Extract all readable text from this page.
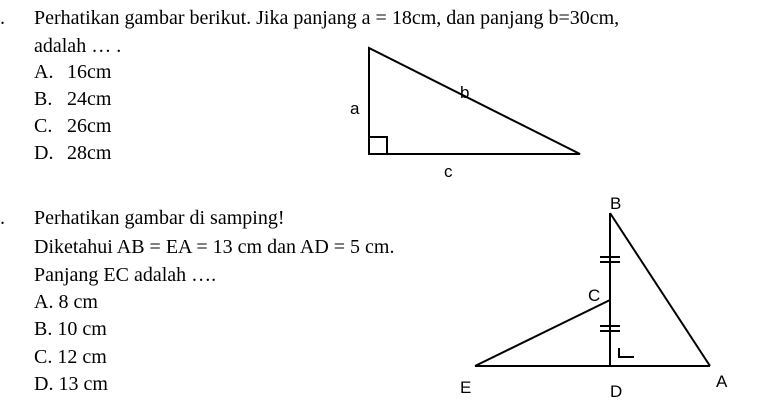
. Perhatikan gambar berikut. Jika panjang a = 18cm, dan panjang b=30cm,
adalah … .
A. 16cm
B. 24cm
C. 26cm
D. 28cm
. Perhatikan gambar di samping!
Diketahui AB = EA = 13 cm dan AD = 5 cm.
Panjang EC adalah ….
A. 8 cm
B. 10 cm
C. 12 cm
D. 13 cm
a
b
c
B
C
E	D
A
